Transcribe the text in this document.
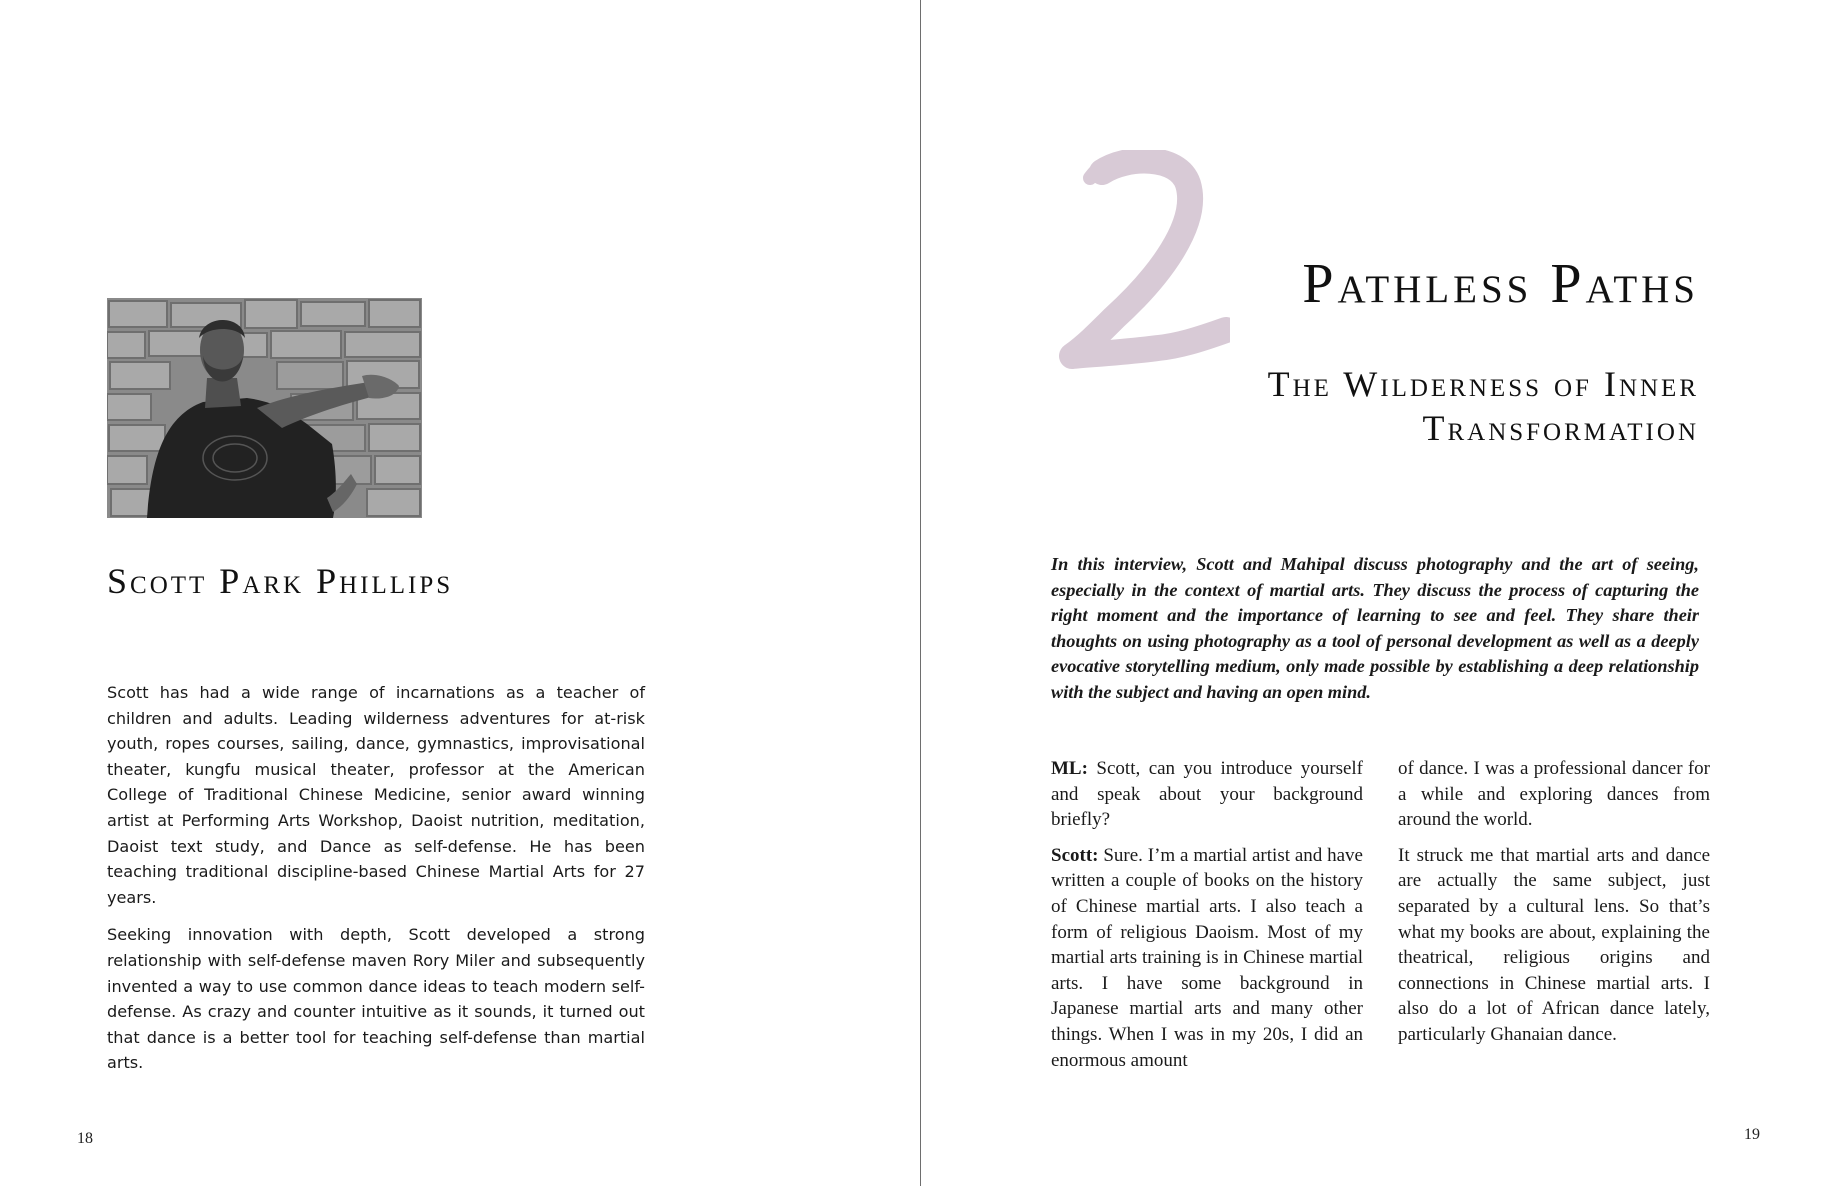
Scott Park Phillips

Scott has had a wide range of incarnations as a teacher of children and adults. Leading wilderness adventures for at-risk youth, ropes courses, sailing, dance, gymnastics, improvisational theater, kungfu musical theater, professor at the American College of Traditional Chinese Medicine, senior award winning artist at Performing Arts Workshop, Daoist nutrition, meditation, Daoist text study, and Dance as self-defense. He has been teaching traditional discipline-based Chinese Martial Arts for 27 years.

Seeking innovation with depth, Scott developed a strong relationship with self-defense maven Rory Miler and subsequently invented a way to use common dance ideas to teach modern self-defense. As crazy and counter intuitive as it sounds, it turned out that dance is a better tool for teaching self-defense than martial arts.

18
2	Pathless Paths
The Wilderness of Inner Transformation

In this interview, Scott and Mahipal discuss photography and the art of seeing, especially in the context of martial arts. They discuss the process of capturing the right moment and the importance of learning to see and feel. They share their thoughts on using photography as a tool of personal development as well as a deeply evocative storytelling medium, only made possible by establishing a deep relationship with the subject and having an open mind.

ML: Scott, can you introduce yourself and speak about your background briefly?

Scott: Sure. I’m a martial artist and have written a couple of books on the history of Chinese martial arts. I also teach a form of religious Daoism. Most of my martial arts training is in Chinese martial arts. I have some background in Japanese martial arts and many other things. When I was in my 20s, I did an enormous amount

of dance. I was a professional dancer for a while and exploring dances from around the world.

It struck me that martial arts and dance are actually the same subject, just separated by a cultural lens. So that’s what my books are about, explaining the theatrical, religious origins and connections in Chinese martial arts. I also do a lot of African dance lately, particularly Ghanaian dance.

19
